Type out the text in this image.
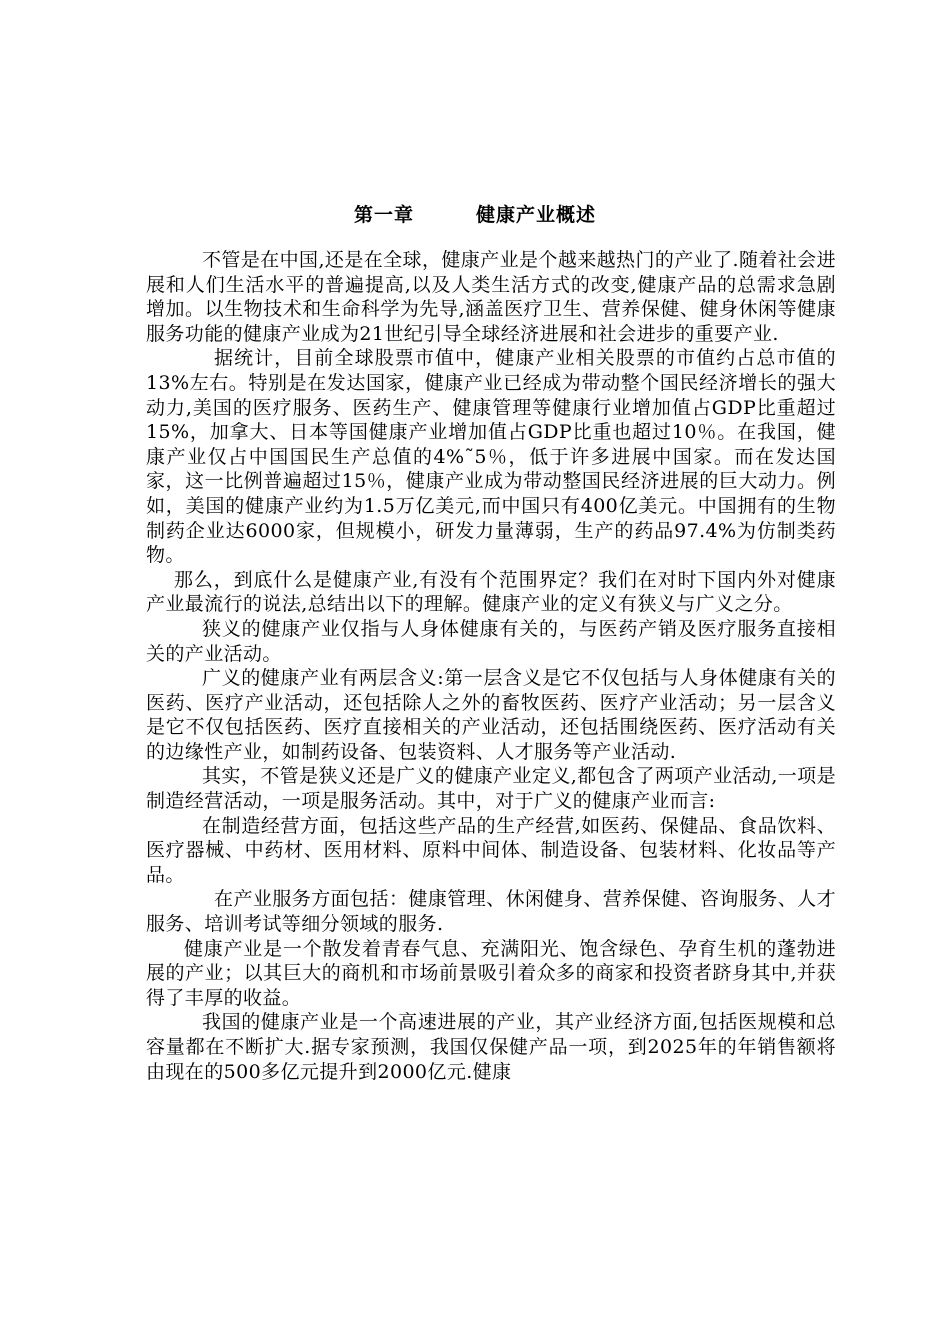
第一章	健康产业概述

不管是在中国,还是在全球，健康产业是个越来越热门的产业了.随着社会进展和人们生活水平的普遍提高,以及人类生活方式的改变,健康产品的总需求急剧增加。以生物技术和生命科学为先导,涵盖医疗卫生、营养保健、健身休闲等健康服务功能的健康产业成为21世纪引导全球经济进展和社会进步的重要产业.

据统计，目前全球股票市值中，健康产业相关股票的市值约占总市值的13%左右。特别是在发达国家，健康产业已经成为带动整个国民经济增长的强大动力,美国的医疗服务、医药生产、健康管理等健康行业增加值占GDP比重超过15%，加拿大、日本等国健康产业增加值占GDP比重也超过10％。在我国，健康产业仅占中国国民生产总值的4%˜5％，低于许多进展中国家。而在发达国家，这一比例普遍超过15％，健康产业成为带动整国民经济进展的巨大动力。例如，美国的健康产业约为1.5万亿美元,而中国只有400亿美元。中国拥有的生物制药企业达6000家，但规模小，研发力量薄弱，生产的药品97.4%为仿制类药物。

那么，到底什么是健康产业,有没有个范围界定？我们在对时下国内外对健康产业最流行的说法,总结出以下的理解。健康产业的定义有狭义与广义之分。

狭义的健康产业仅指与人身体健康有关的，与医药产销及医疗服务直接相关的产业活动。

广义的健康产业有两层含义:第一层含义是它不仅包括与人身体健康有关的医药、医疗产业活动，还包括除人之外的畜牧医药、医疗产业活动；另一层含义是它不仅包括医药、医疗直接相关的产业活动，还包括围绕医药、医疗活动有关的边缘性产业，如制药设备、包装资料、人才服务等产业活动.

其实，不管是狭义还是广义的健康产业定义,都包含了两项产业活动,一项是制造经营活动，一项是服务活动。其中，对于广义的健康产业而言:

在制造经营方面，包括这些产品的生产经营,如医药、保健品、食品饮料、医疗器械、中药材、医用材料、原料中间体、制造设备、包装材料、化妆品等产品。

在产业服务方面包括：健康管理、休闲健身、营养保健、咨询服务、人才服务、培训考试等细分领域的服务.

健康产业是一个散发着青春气息、充满阳光、饱含绿色、孕育生机的蓬勃进展的产业；以其巨大的商机和市场前景吸引着众多的商家和投资者跻身其中,并获得了丰厚的收益。

我国的健康产业是一个高速进展的产业，其产业经济方面,包括医规模和总容量都在不断扩大.据专家预测，我国仅保健产品一项，到2025年的年销售额将由现在的500多亿元提升到2000亿元.健康
